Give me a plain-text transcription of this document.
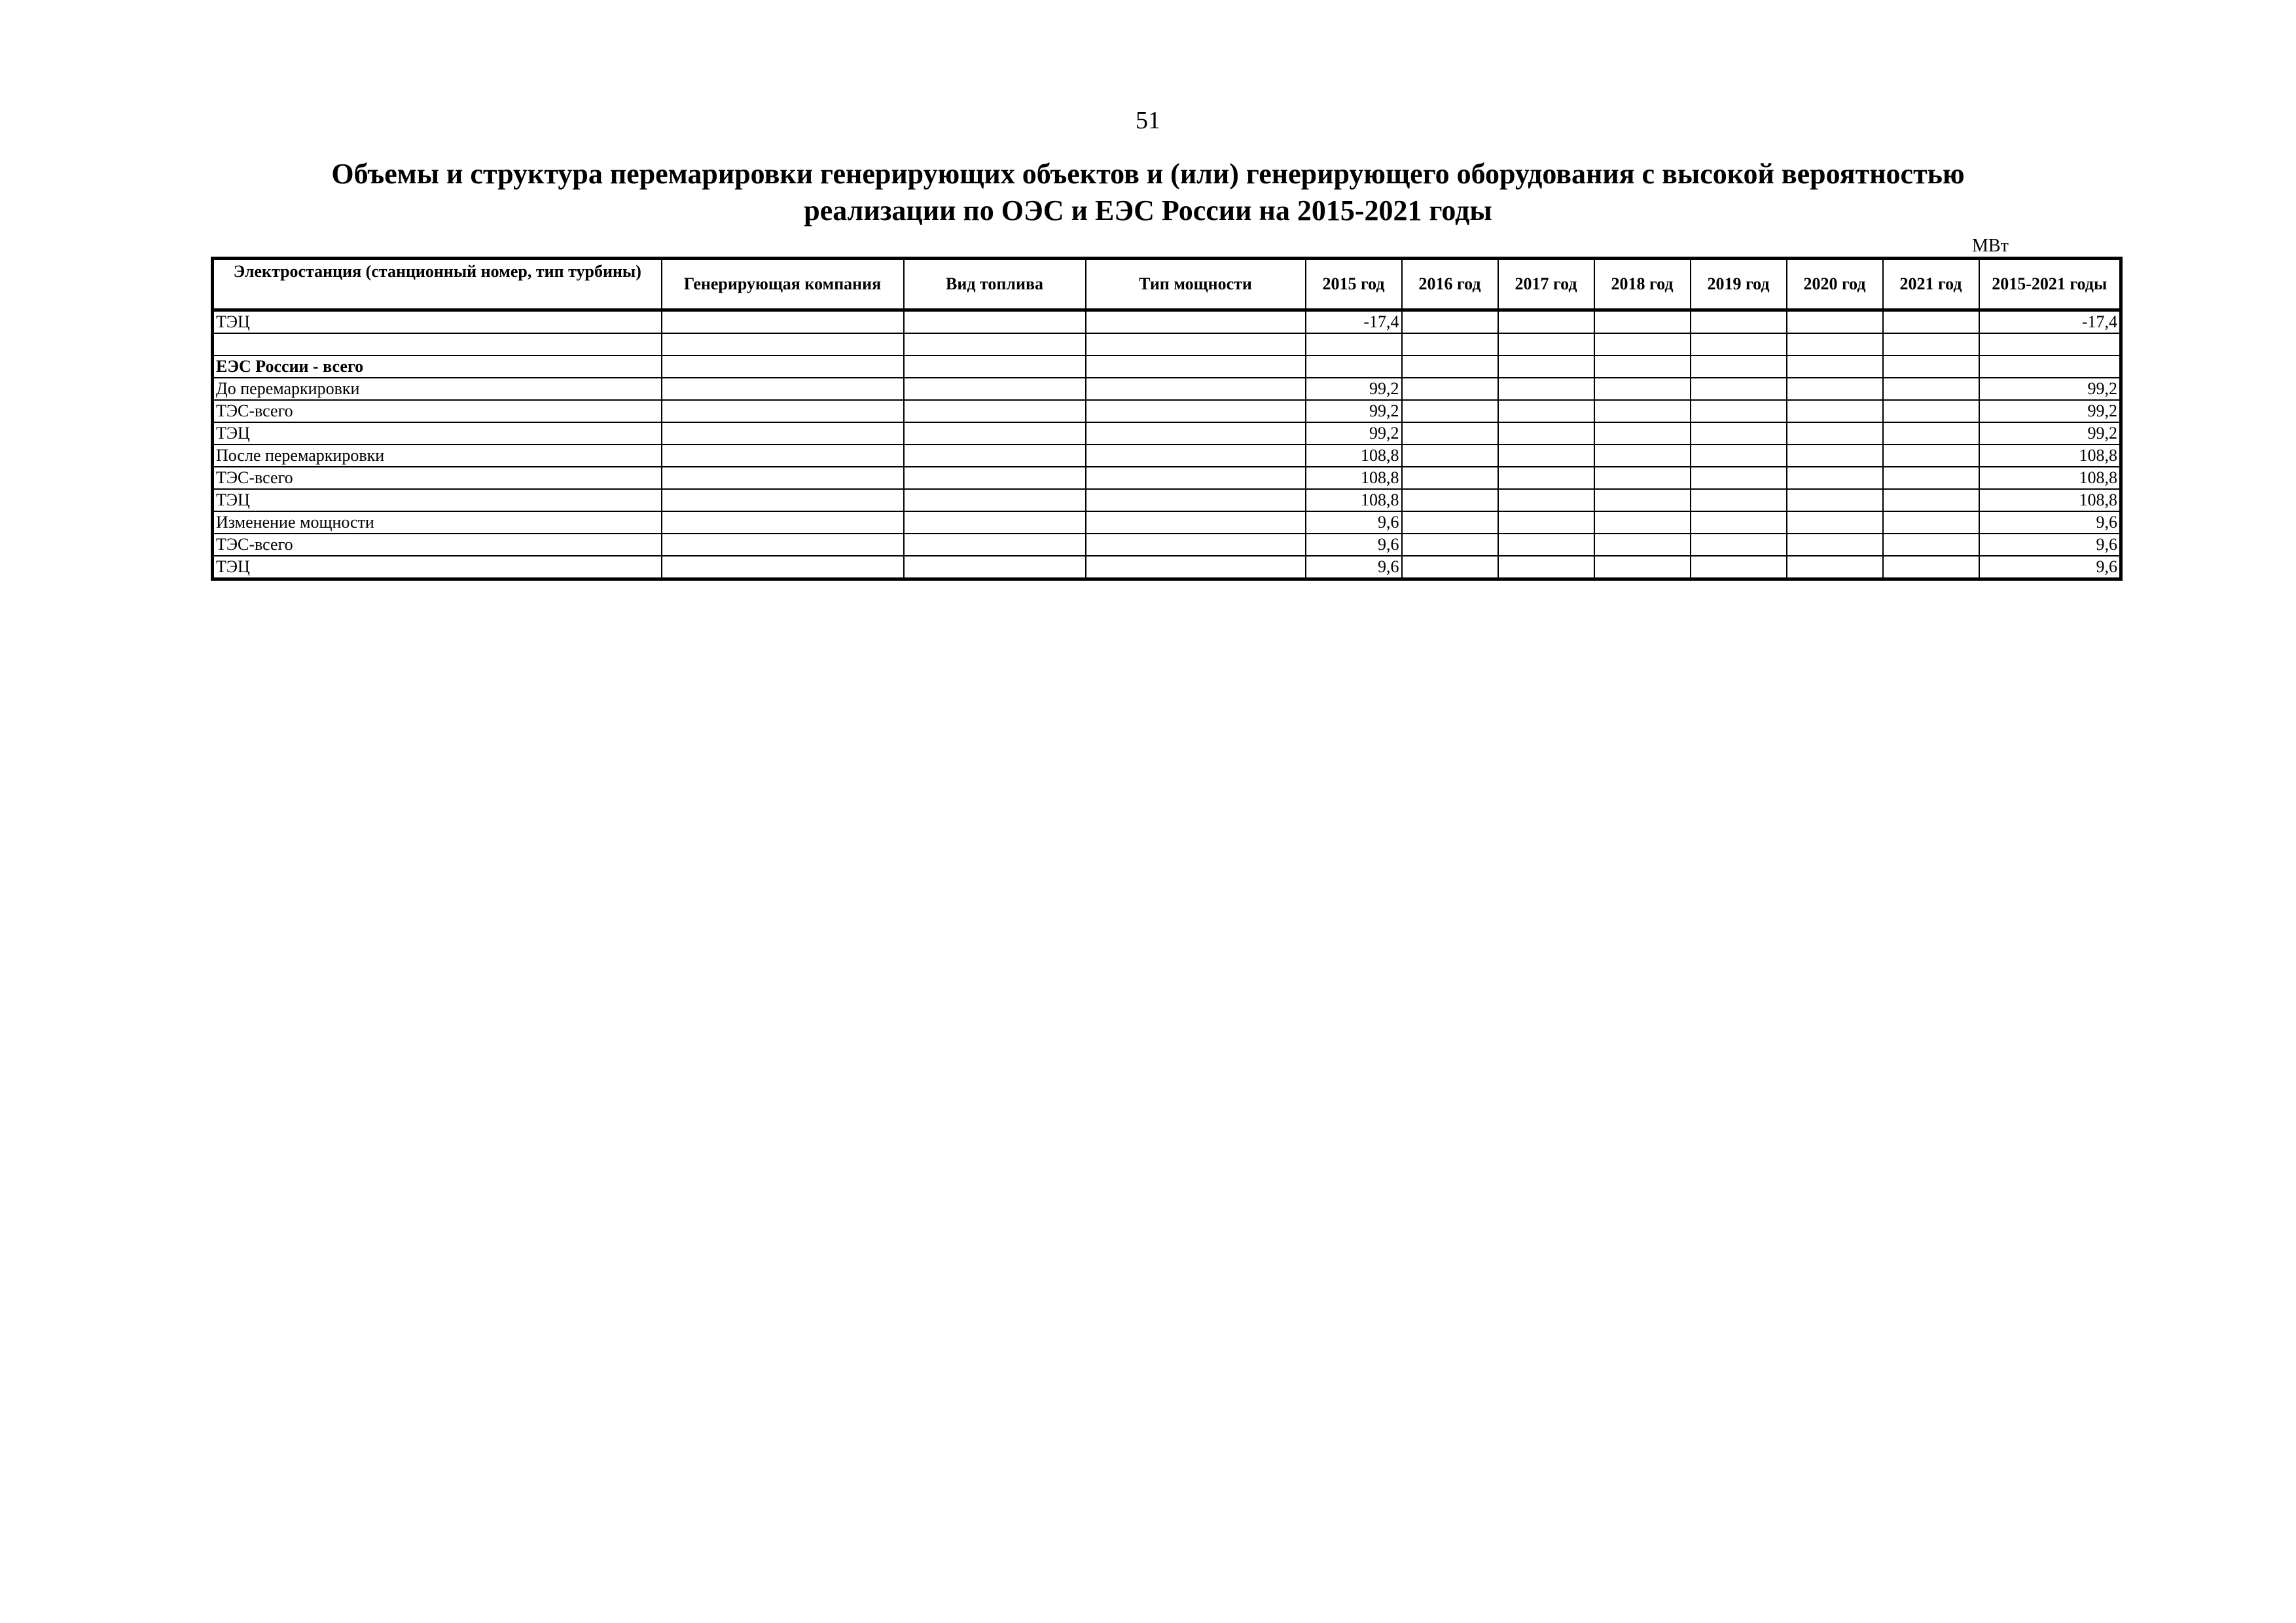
51
Объемы и структура перемарировки генерирующих объектов и (или) генерирующего оборудования с высокой вероятностью
реализации по ОЭС и ЕЭС России на 2015-2021 годы
МВт
Электростанция (станционный номер, тип турбины)	Генерирующая компания	Вид топлива	Тип мощности	2015 год	2016 год	2017 год	2018 год	2019 год	2020 год	2021 год	2015-2021 годы
ТЭЦ				-17,4							-17,4

ЕЭС России - всего											
До перемаркировки				99,2							99,2
ТЭС-всего				99,2							99,2
ТЭЦ				99,2							99,2
После перемаркировки				108,8							108,8
ТЭС-всего				108,8							108,8
ТЭЦ				108,8							108,8
Изменение мощности				9,6							9,6
ТЭС-всего				9,6							9,6
ТЭЦ				9,6							9,6
